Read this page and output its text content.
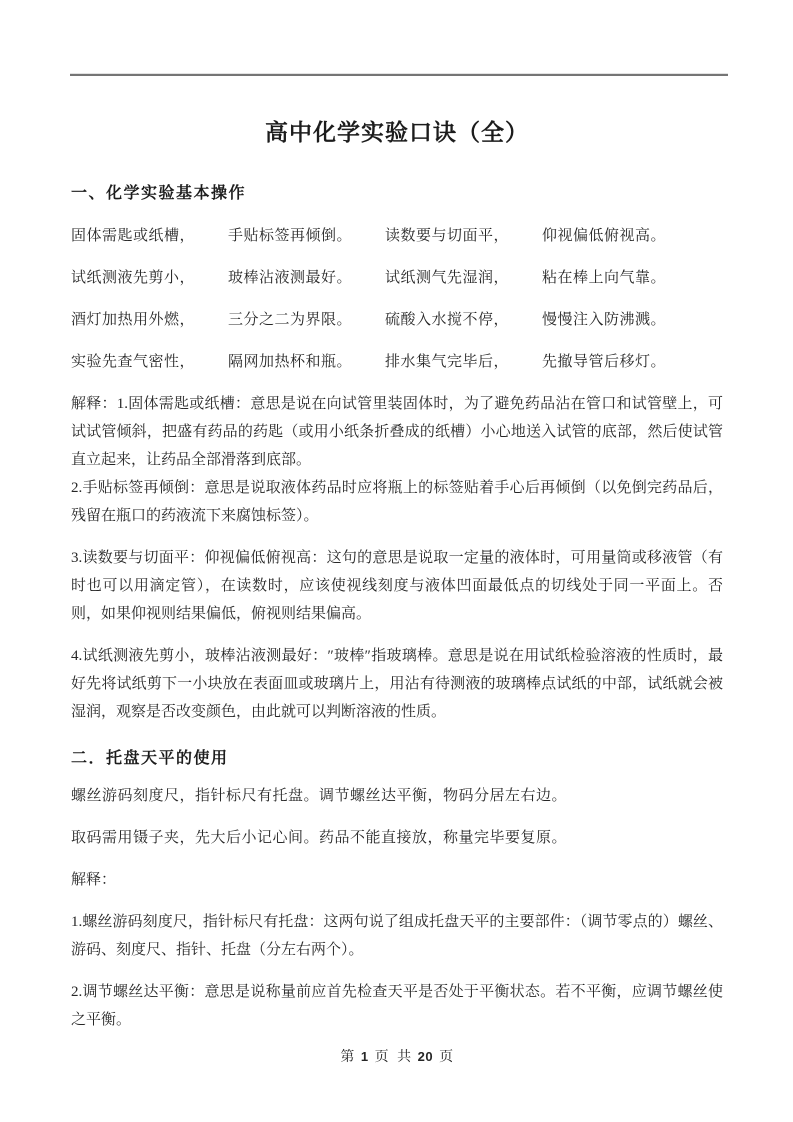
高中化学实验口诀（全）
一、化学实验基本操作
固体需匙或纸槽，	手贴标签再倾倒。	读数要与切面平，	仰视偏低俯视高。
试纸测液先剪小，	玻棒沾液测最好。	试纸测气先湿润，	粘在棒上向气靠。
酒灯加热用外燃，	三分之二为界限。	硫酸入水搅不停，	慢慢注入防沸溅。
实验先查气密性，	隔网加热杯和瓶。	排水集气完毕后，	先撤导管后移灯。

解释：1.固体需匙或纸槽：意思是说在向试管里装固体时，为了避免药品沾在管口和试管壁上，可试试管倾斜，把盛有药品的药匙（或用小纸条折叠成的纸槽）小心地送入试管的底部，然后使试管直立起来，让药品全部滑落到底部。

2.手贴标签再倾倒：意思是说取液体药品时应将瓶上的标签贴着手心后再倾倒（以免倒完药品后，残留在瓶口的药液流下来腐蚀标签）。

3.读数要与切面平：仰视偏低俯视高：这句的意思是说取一定量的液体时，可用量筒或移液管（有时也可以用滴定管），在读数时，应该使视线刻度与液体凹面最低点的切线处于同一平面上。否则，如果仰视则结果偏低，俯视则结果偏高。

4.试纸测液先剪小，玻棒沾液测最好：″玻棒″指玻璃棒。意思是说在用试纸检验溶液的性质时，最好先将试纸剪下一小块放在表面皿或玻璃片上，用沾有待测液的玻璃棒点试纸的中部，试纸就会被湿润，观察是否改变颜色，由此就可以判断溶液的性质。

二．托盘天平的使用
螺丝游码刻度尺，指针标尺有托盘。调节螺丝达平衡，物码分居左右边。
取码需用镊子夹，先大后小记心间。药品不能直接放，称量完毕要复原。

解释：

1.螺丝游码刻度尺，指针标尺有托盘：这两句说了组成托盘天平的主要部件：（调节零点的）螺丝、游码、刻度尺、指针、托盘（分左右两个）。

2.调节螺丝达平衡：意思是说称量前应首先检查天平是否处于平衡状态。若不平衡，应调节螺丝使之平衡。

第 1 页 共 20 页
